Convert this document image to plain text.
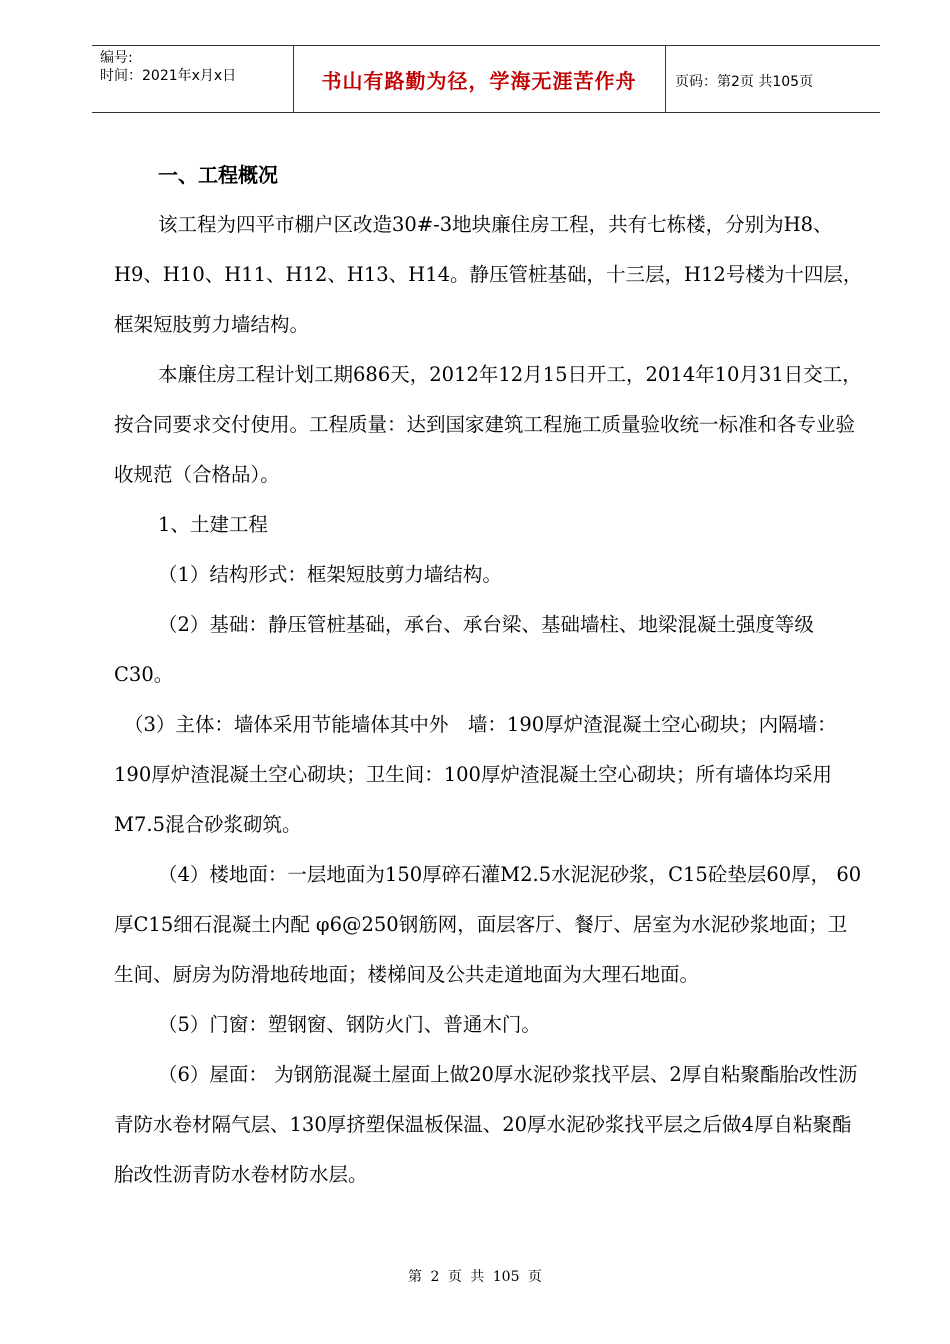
编号:
时间：2021年x月x日	书山有路勤为径，学海无涯苦作舟	页码：第2页 共105页

一、工程概况

该工程为四平市棚户区改造30#-3地块廉住房工程，共有七栋楼，分别为H8、H9、H10、H11、H12、H13、H14。静压管桩基础，十三层，H12号楼为十四层，框架短肢剪力墙结构。

本廉住房工程计划工期686天，2012年12月15日开工，2014年10月31日交工，按合同要求交付使用。工程质量：达到国家建筑工程施工质量验收统一标准和各专业验收规范（合格品）。

1、土建工程

（1）结构形式：框架短肢剪力墙结构。

（2）基础：静压管桩基础，承台、承台梁、基础墙柱、地梁混凝土强度等级C30。

（3）主体：墙体采用节能墙体其中外　墙：190厚炉渣混凝土空心砌块；内隔墙：190厚炉渣混凝土空心砌块；卫生间：100厚炉渣混凝土空心砌块；所有墙体均采用M7.5混合砂浆砌筑。

（4）楼地面：一层地面为150厚碎石灌M2.5水泥泥砂浆，C15砼垫层60厚， 60厚C15细石混凝土内配 φ6@250钢筋网，面层客厅、餐厅、居室为水泥砂浆地面；卫生间、厨房为防滑地砖地面；楼梯间及公共走道地面为大理石地面。

（5）门窗：塑钢窗、钢防火门、普通木门。

（6）屋面： 为钢筋混凝土屋面上做20厚水泥砂浆找平层、2厚自粘聚酯胎改性沥青防水卷材隔气层、130厚挤塑保温板保温、20厚水泥砂浆找平层之后做4厚自粘聚酯胎改性沥青防水卷材防水层。

第 2 页 共 105 页
